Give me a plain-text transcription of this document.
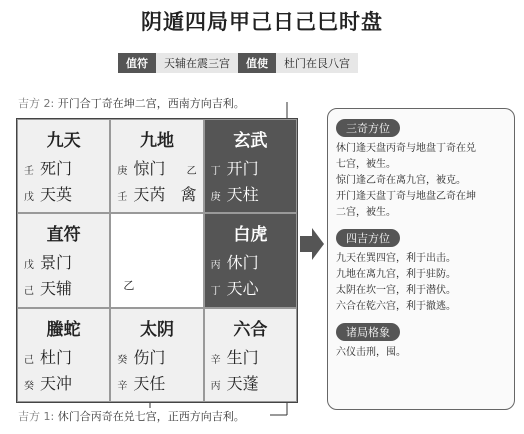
阴遁四局甲己日己巳时盘
值符	天辅在震三宫	值使	杜门在艮八宫
吉方 2: 开门合丁奇在坤二宫，西南方向吉利。
九天
壬 死门
戊 天英
九地
庚 惊门 乙
壬 天芮 禽
玄武
丁 开门
庚 天柱
直符
戊 景门
己 天辅	乙
白虎
丙 休门
丁 天心
螣蛇
己 杜门
癸 天冲
太阴
癸 伤门
辛 天任
六合
辛 生门
丙 天蓬
吉方 1: 休门合丙奇在兑七宫，正西方向吉利。
三奇方位
休门逢天盘丙奇与地盘丁奇在兑
七宫，被生。
惊门逢乙奇在离九宫，被克。
开门逢天盘丁奇与地盘乙奇在坤
二宫，被生。
四吉方位
九天在巽四宫，利于出击。
九地在离九宫，利于驻防。
太阴在坎一宫，利于潜伏。
六合在乾六宫，利于撤逃。
诸局格象
六仪击刑，囤。
